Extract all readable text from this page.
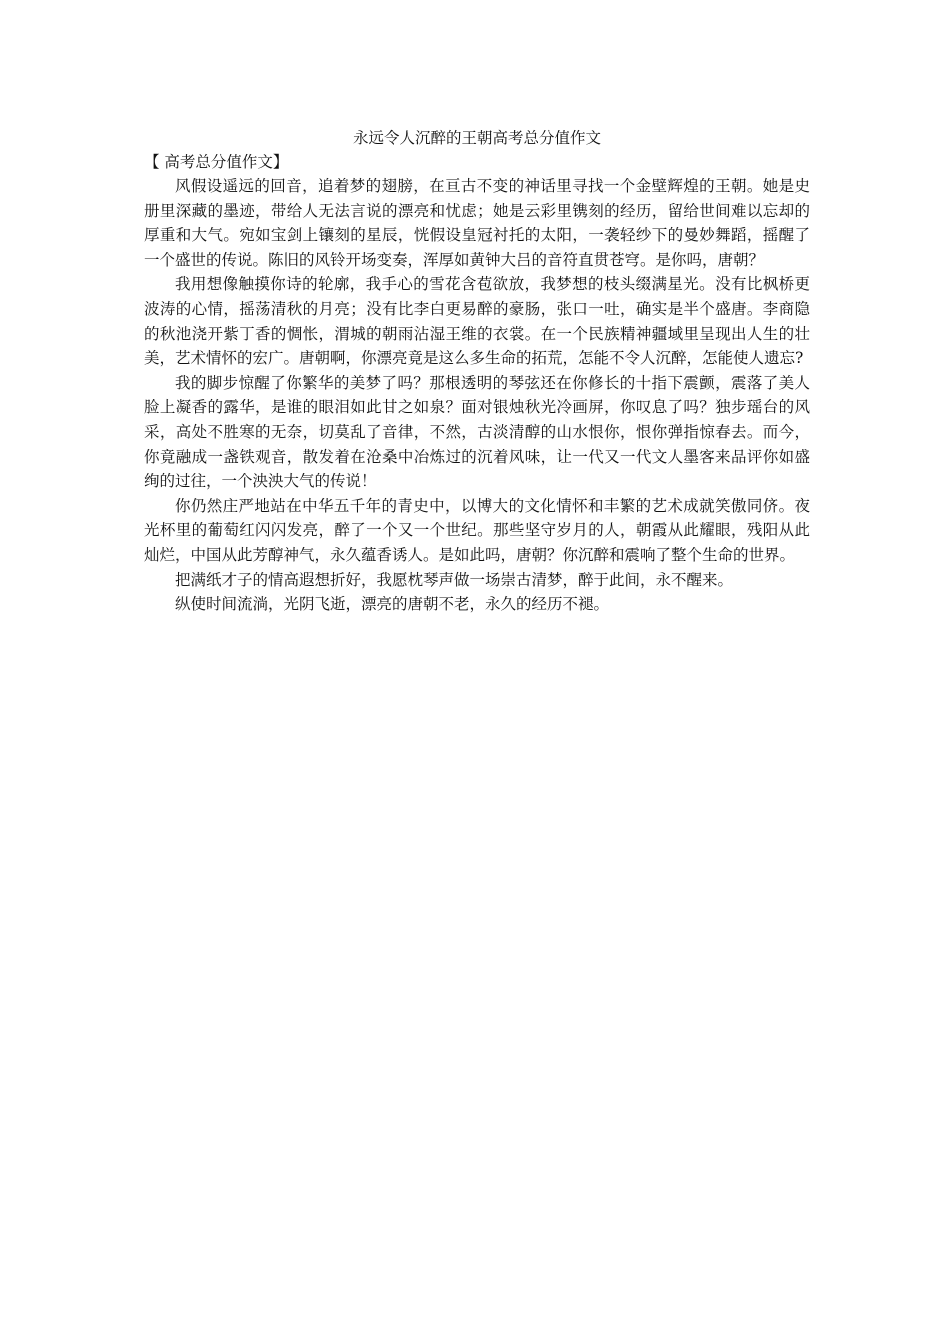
永远令人沉醉的王朝高考总分值作文

【 高考总分值作文】

风假设遥远的回音，追着梦的翅膀，在亘古不变的神话里寻找一个金壁辉煌的王朝。她是史册里深藏的墨迹，带给人无法言说的漂亮和忧虑；她是云彩里镌刻的经历，留给世间难以忘却的厚重和大气。宛如宝剑上镶刻的星辰，恍假设皇冠衬托的太阳，一袭轻纱下的曼妙舞蹈，摇醒了一个盛世的传说。陈旧的风铃开场变奏，浑厚如黄钟大吕的音符直贯苍穹。是你吗，唐朝？

我用想像触摸你诗的轮廓，我手心的雪花含苞欲放，我梦想的枝头缀满星光。没有比枫桥更波涛的心情，摇荡清秋的月亮；没有比李白更易醉的豪肠，张口一吐，确实是半个盛唐。李商隐的秋池浇开紫丁香的惆怅，渭城的朝雨沾湿王维的衣裳。在一个民族精神疆域里呈现出人生的壮美，艺术情怀的宏广。唐朝啊，你漂亮竟是这么多生命的拓荒，怎能不令人沉醉，怎能使人遗忘?

我的脚步惊醒了你繁华的美梦了吗？那根透明的琴弦还在你修长的十指下震颤，震落了美人脸上凝香的露华，是谁的眼泪如此甘之如泉？面对银烛秋光冷画屏，你叹息了吗？独步瑶台的风采，高处不胜寒的无奈，切莫乱了音律，不然，古淡清醇的山水恨你，恨你弹指惊春去。而今，你竟融成一盏铁观音，散发着在沧桑中冶炼过的沉着风味，让一代又一代文人墨客来品评你如盛绚的过往，一个泱泱大气的传说！

你仍然庄严地站在中华五千年的青史中，以博大的文化情怀和丰繁的艺术成就笑傲同侪。夜光杯里的葡萄红闪闪发亮，醉了一个又一个世纪。那些坚守岁月的人，朝霞从此耀眼，残阳从此灿烂，中国从此芳醇神气，永久蕴香诱人。是如此吗，唐朝？你沉醉和震响了整个生命的世界。

把满纸才子的情高遐想折好，我愿枕琴声做一场崇古清梦，醉于此间，永不醒来。

纵使时间流淌，光阴飞逝，漂亮的唐朝不老，永久的经历不褪。
